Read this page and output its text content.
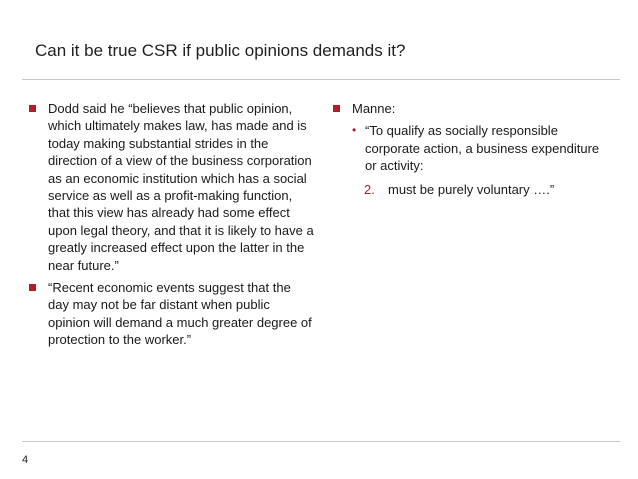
Can it be true CSR if public opinions demands it?
Dodd said he “believes that public opinion, which ultimately makes law, has made and is today making substantial strides in the direction of a view of the business corporation as an economic institution which has a social service as well as a profit-making function, that this view has already had some effect upon legal theory, and that it is likely to have a greatly increased effect upon the latter in the near future.”
“Recent economic events suggest that the day may not be far distant when public opinion will demand a much greater degree of protection to the worker.”
Manne:
• “To qualify as socially responsible corporate action, a business expenditure or activity:
2. must be purely voluntary ….”
4
